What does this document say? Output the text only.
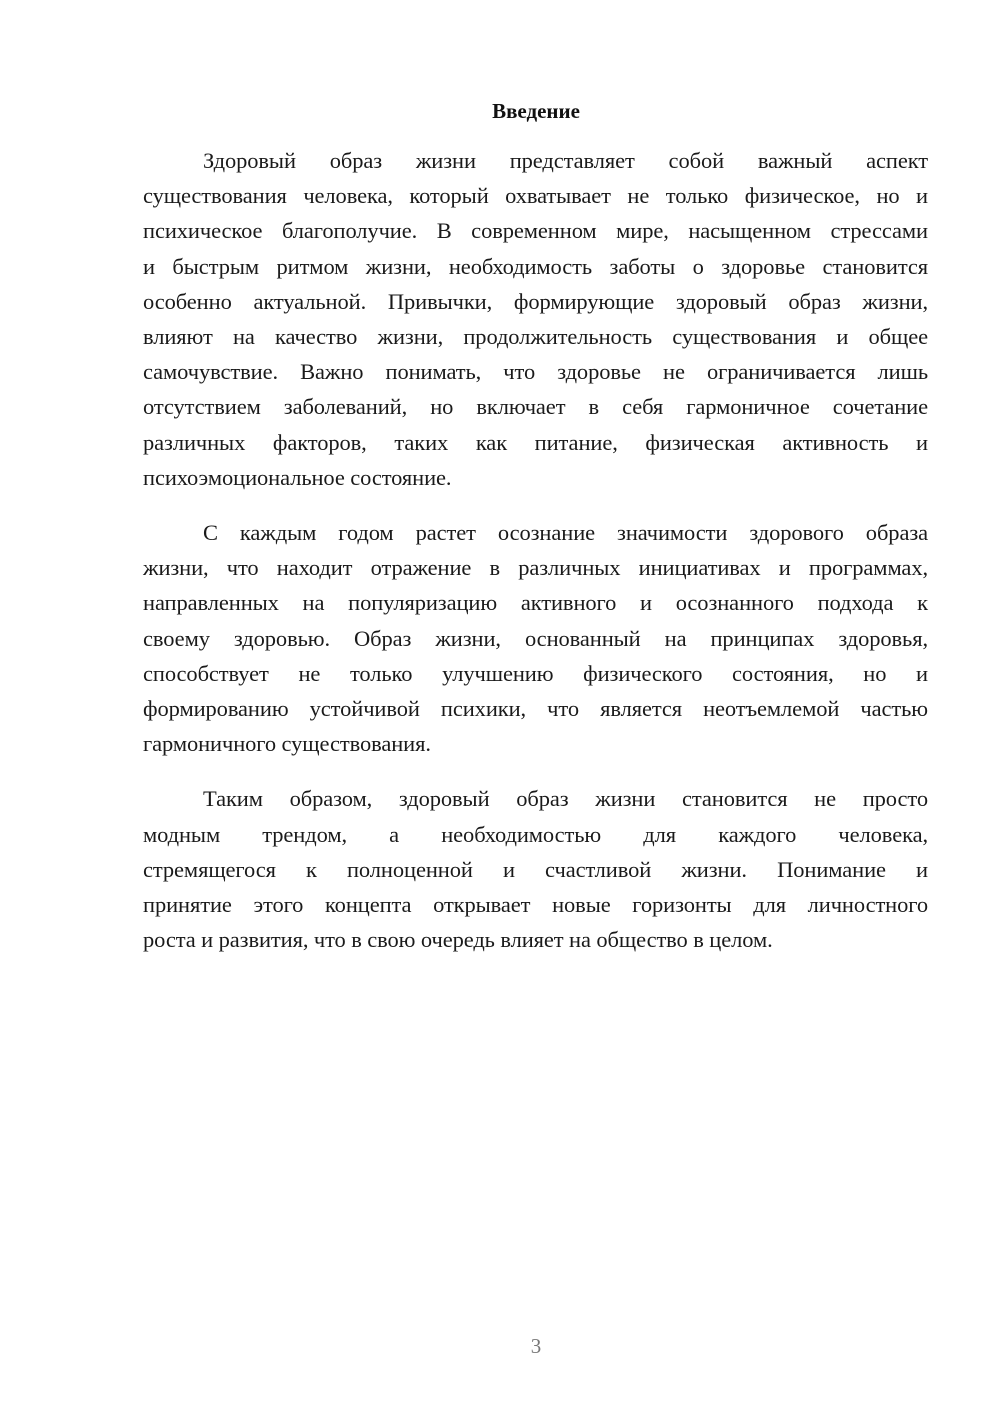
Введение

Здоровый образ жизни представляет собой важный аспект
существования человека, который охватывает не только физическое, но и
психическое благополучие. В современном мире, насыщенном стрессами
и быстрым ритмом жизни, необходимость заботы о здоровье становится
особенно актуальной. Привычки, формирующие здоровый образ жизни,
влияют на качество жизни, продолжительность существования и общее
самочувствие. Важно понимать, что здоровье не ограничивается лишь
отсутствием заболеваний, но включает в себя гармоничное сочетание
различных факторов, таких как питание, физическая активность и
психоэмоциональное состояние.

С каждым годом растет осознание значимости здорового образа
жизни, что находит отражение в различных инициативах и программах,
направленных на популяризацию активного и осознанного подхода к
своему здоровью. Образ жизни, основанный на принципах здоровья,
способствует не только улучшению физического состояния, но и
формированию устойчивой психики, что является неотъемлемой частью
гармоничного существования.

Таким образом, здоровый образ жизни становится не просто
модным трендом, а необходимостью для каждого человека,
стремящегося к полноценной и счастливой жизни. Понимание и
принятие этого концепта открывает новые горизонты для личностного
роста и развития, что в свою очередь влияет на общество в целом.

3
